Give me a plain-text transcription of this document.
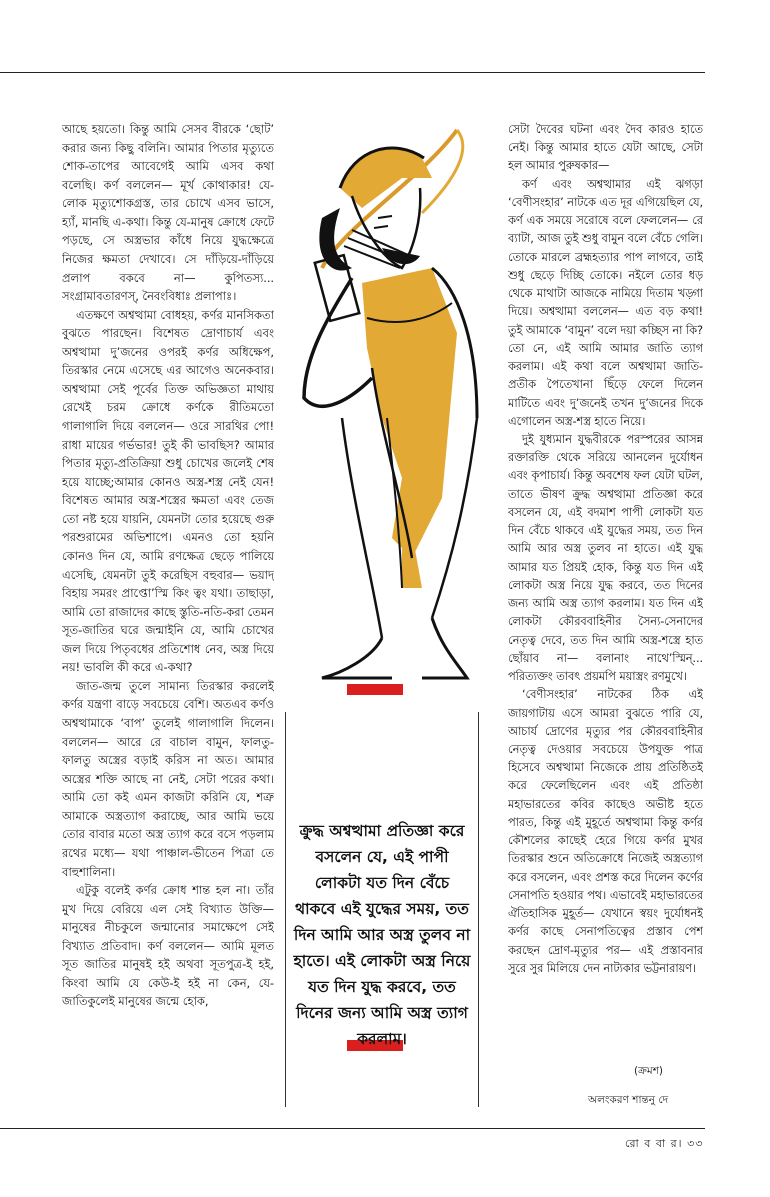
আছে হয়তো। কিন্তু আমি সেসব বীরকে ‘ছোট’ করার জন্য কিছু বলিনি। আমার পিতার মৃত্যুতে শোক-তাপের আবেগেই আমি এসব কথা বলেছি। কর্ণ বললেন— মূর্খ কোথাকার! যে-লোক মৃত্যুশোকগ্রস্ত, তার চোখে এসব ভাসে, হ্যাঁ, মানছি এ-কথা। কিন্তু যে-মানুষ ক্রোধে ফেটে পড়ছে, সে অস্ত্রভার কাঁধে নিয়ে যুদ্ধক্ষেত্রে নিজের ক্ষমতা দেখাবে। সে দাঁড়িয়ে-দাঁড়িয়ে প্রলাপ বকবে না— কুপিতস্য... সংগ্রামাবতারণস্, নৈবংবিধাঃ প্রলাপাঃ।

এতক্ষণে অশ্বত্থামা বোধহয়, কর্ণর মানসিকতা বুঝতে পারছেন। বিশেষত দ্রোণাচার্য এবং অশ্বত্থামা দু’জনের ওপরই কর্ণর অধিক্ষেপ, তিরস্কার নেমে এসেছে এর আগেও অনেকবার। অশ্বত্থামা সেই পূর্বের তিক্ত অভিজ্ঞতা মাথায় রেখেই চরম ক্রোধে কর্ণকে রীতিমতো গালাগালি দিয়ে বললেন— ওরে সারথির পো! রাধা মায়ের গর্ভভার! তুই কী ভাবছিস? আমার পিতার মৃত্যু-প্রতিক্রিয়া শুধু চোখের জলেই শেষ হয়ে যাচ্ছে;আমার কোনও অস্ত্র-শস্ত্র নেই যেন! বিশেষত আমার অস্ত্র-শস্ত্রের ক্ষমতা এবং তেজ তো নষ্ট হয়ে যায়নি, যেমনটা তোর হয়েছে গুরু পরশুরামের অভিশাপে। এমনও তো হয়নি কোনও দিন যে, আমি রণক্ষেত্র ছেড়ে পালিয়ে এসেছি, যেমনটা তুই করেছিস বহুবার— ভয়াদ্ বিহায় সমরং প্রাপ্তো’স্মি কিং ত্বং যথা। তাছাড়া, আমি তো রাজাদের কাছে স্তুতি-নতি-করা তেমন সূত-জাতির ঘরে জন্মাইনি যে, আমি চোখের জল দিয়ে পিতৃবধের প্রতিশোধ নেব, অস্ত্র দিয়ে নয়! ভাবলি কী করে এ-কথা?

জাত-জন্ম তুলে সামান্য তিরস্কার করলেই কর্ণর যন্ত্রণা বাড়ে সবচেয়ে বেশি। অতএব কর্ণও অশ্বত্থামাকে ‘বাপ’ তুলেই গালাগালি দিলেন। বললেন— আরে রে বাচাল বামুন, ফালতু-ফালতু অস্ত্রের বড়াই করিস না অত। আমার অস্ত্রের শক্তি আছে না নেই, সেটা পরের কথা। আমি তো কই এমন কাজটা করিনি যে, শত্রু আমাকে অস্ত্রত্যাগ করাচ্ছে, আর আমি ভয়ে তোর বাবার মতো অস্ত্র ত্যাগ করে বসে পড়লাম রথের মধ্যে— যথা পাঞ্চাল-ভীতেন পিত্রা তে বাহুশালিনা।

এটুকু বলেই কর্ণর ক্রোধ শান্ত হল না। তাঁর মুখ দিয়ে বেরিয়ে এল সেই বিখ্যাত উক্তি— মানুষের নীচকুলে জন্মানোর সমাক্ষেপে সেই বিখ্যাত প্রতিবাদ। কর্ণ বললেন— আমি মূলত সূত জাতির মানুষই হই অথবা সূতপুত্র-ই হই, কিংবা আমি যে কেউ-ই হই না কেন, যে-জাতিকুলেই মানুষের জন্মে হোক,

ক্রুদ্ধ অশ্বত্থামা প্রতিজ্ঞা করে বসলেন যে, এই পাপী লোকটা যত দিন বেঁচে থাকবে এই যুদ্ধের সময়, তত দিন আমি আর অস্ত্র তুলব না হাতে। এই লোকটা অস্ত্র নিয়ে যত দিন যুদ্ধ করবে, তত দিনের জন্য আমি অস্ত্র ত্যাগ করলাম।

সেটা দৈবের ঘটনা এবং দৈব কারও হাতে নেই। কিন্তু আমার হাতে যেটা আছে, সেটা হল আমার পুরুষকার—

কর্ণ এবং অশ্বত্থামার এই ঝগড়া ‘বেণীসংহার’ নাটকে এত দূর এগিয়েছিল যে, কর্ণ এক সময়ে সরোষে বলে ফেললেন— রে ব্যাটা, আজ তুই শুধু বামুন বলে বেঁচে গেলি। তোকে মারলে ব্রহ্মহত্যার পাপ লাগবে, তাই শুধু ছেড়ে দিচ্ছি তোকে। নইলে তোর ধড় থেকে মাথাটা আজকে নামিয়ে দিতাম খড়্গা দিয়ে। অশ্বত্থামা বললেন— এত বড় কথা! তুই আমাকে ‘বামুন’ বলে দয়া কচ্ছিস না কি? তো নে, এই আমি আমার জাতি ত্যাগ করলাম। এই কথা বলে অশ্বত্থামা জাতি-প্রতীক পৈতেখানা ছিঁড়ে ফেলে দিলেন মাটিতে এবং দু’জনেই তখন দু’জনের দিকে এগোলেন অস্ত্র-শস্ত্র হাতে নিয়ে।

দুই যুধ্যমান যুদ্ধবীরকে পরস্পরের আসন্ন রক্তারক্তি থেকে সরিয়ে আনলেন দুর্যোধন এবং কৃপাচার্য। কিন্তু অবশেষ ফল যেটা ঘটল, তাতে ভীষণ ক্রুদ্ধ অশ্বত্থামা প্রতিজ্ঞা করে বসলেন যে, এই বদমাশ পাপী লোকটা যত দিন বেঁচে থাকবে এই যুদ্ধের সময়, তত দিন আমি আর অস্ত্র তুলব না হাতে। এই যুদ্ধ আমার যত প্রিয়ই হোক, কিন্তু যত দিন এই লোকটা অস্ত্র নিয়ে যুদ্ধ করবে, তত দিনের জন্য আমি অস্ত্র ত্যাগ করলাম। যত দিন এই লোকটা কৌরববাহিনীর সৈন্য-সেনাদের নেতৃত্ব দেবে, তত দিন আমি অস্ত্র-শস্ত্রে হাত ছোঁয়াব না— বলানাং নাথে’স্মিন্... পরিত্যক্তং তাবৎ প্রয়মপি ময়াস্ত্রং রণমুখে।

‘বেণীসংহার’ নাটকের ঠিক এই জায়গাটায় এসে আমরা বুঝতে পারি যে, আচার্য দ্রোণের মৃত্যুর পর কৌরববাহিনীর নেতৃত্ব দেওয়ার সবচেয়ে উপযুক্ত পাত্র হিসেবে অশ্বত্থামা নিজেকে প্রায় প্রতিষ্ঠিতই করে ফেলেছিলেন এবং এই প্রতিষ্ঠা মহাভারতের কবির কাছেও অভীষ্ট হতে পারত, কিন্তু এই মুহূর্তে অশ্বত্থামা কিন্তু কর্ণর কৌশলের কাছেই হেরে গিয়ে কর্ণর মুখর তিরস্কার শুনে অতিক্রোধে নিজেই অস্ত্রত্যাগ করে বসলেন, এবং প্রশস্ত করে দিলেন কর্ণের সেনাপতি হওয়ার পথ। এভাবেই মহাভারতের ঐতিহাসিক মুহূর্ত— যেখানে স্বয়ং দুর্যোধনই কর্ণর কাছে সেনাপতিত্বের প্রস্তাব পেশ করছেন দ্রোণ-মৃত্যুর পর— এই প্রস্তাবনার সুরে সুর মিলিয়ে দেন নাট্যকার ভট্টনারায়ণ।

(ক্রমশ)
অলংকরণ শান্তনু দে
রো ব বা র। ৩৩
